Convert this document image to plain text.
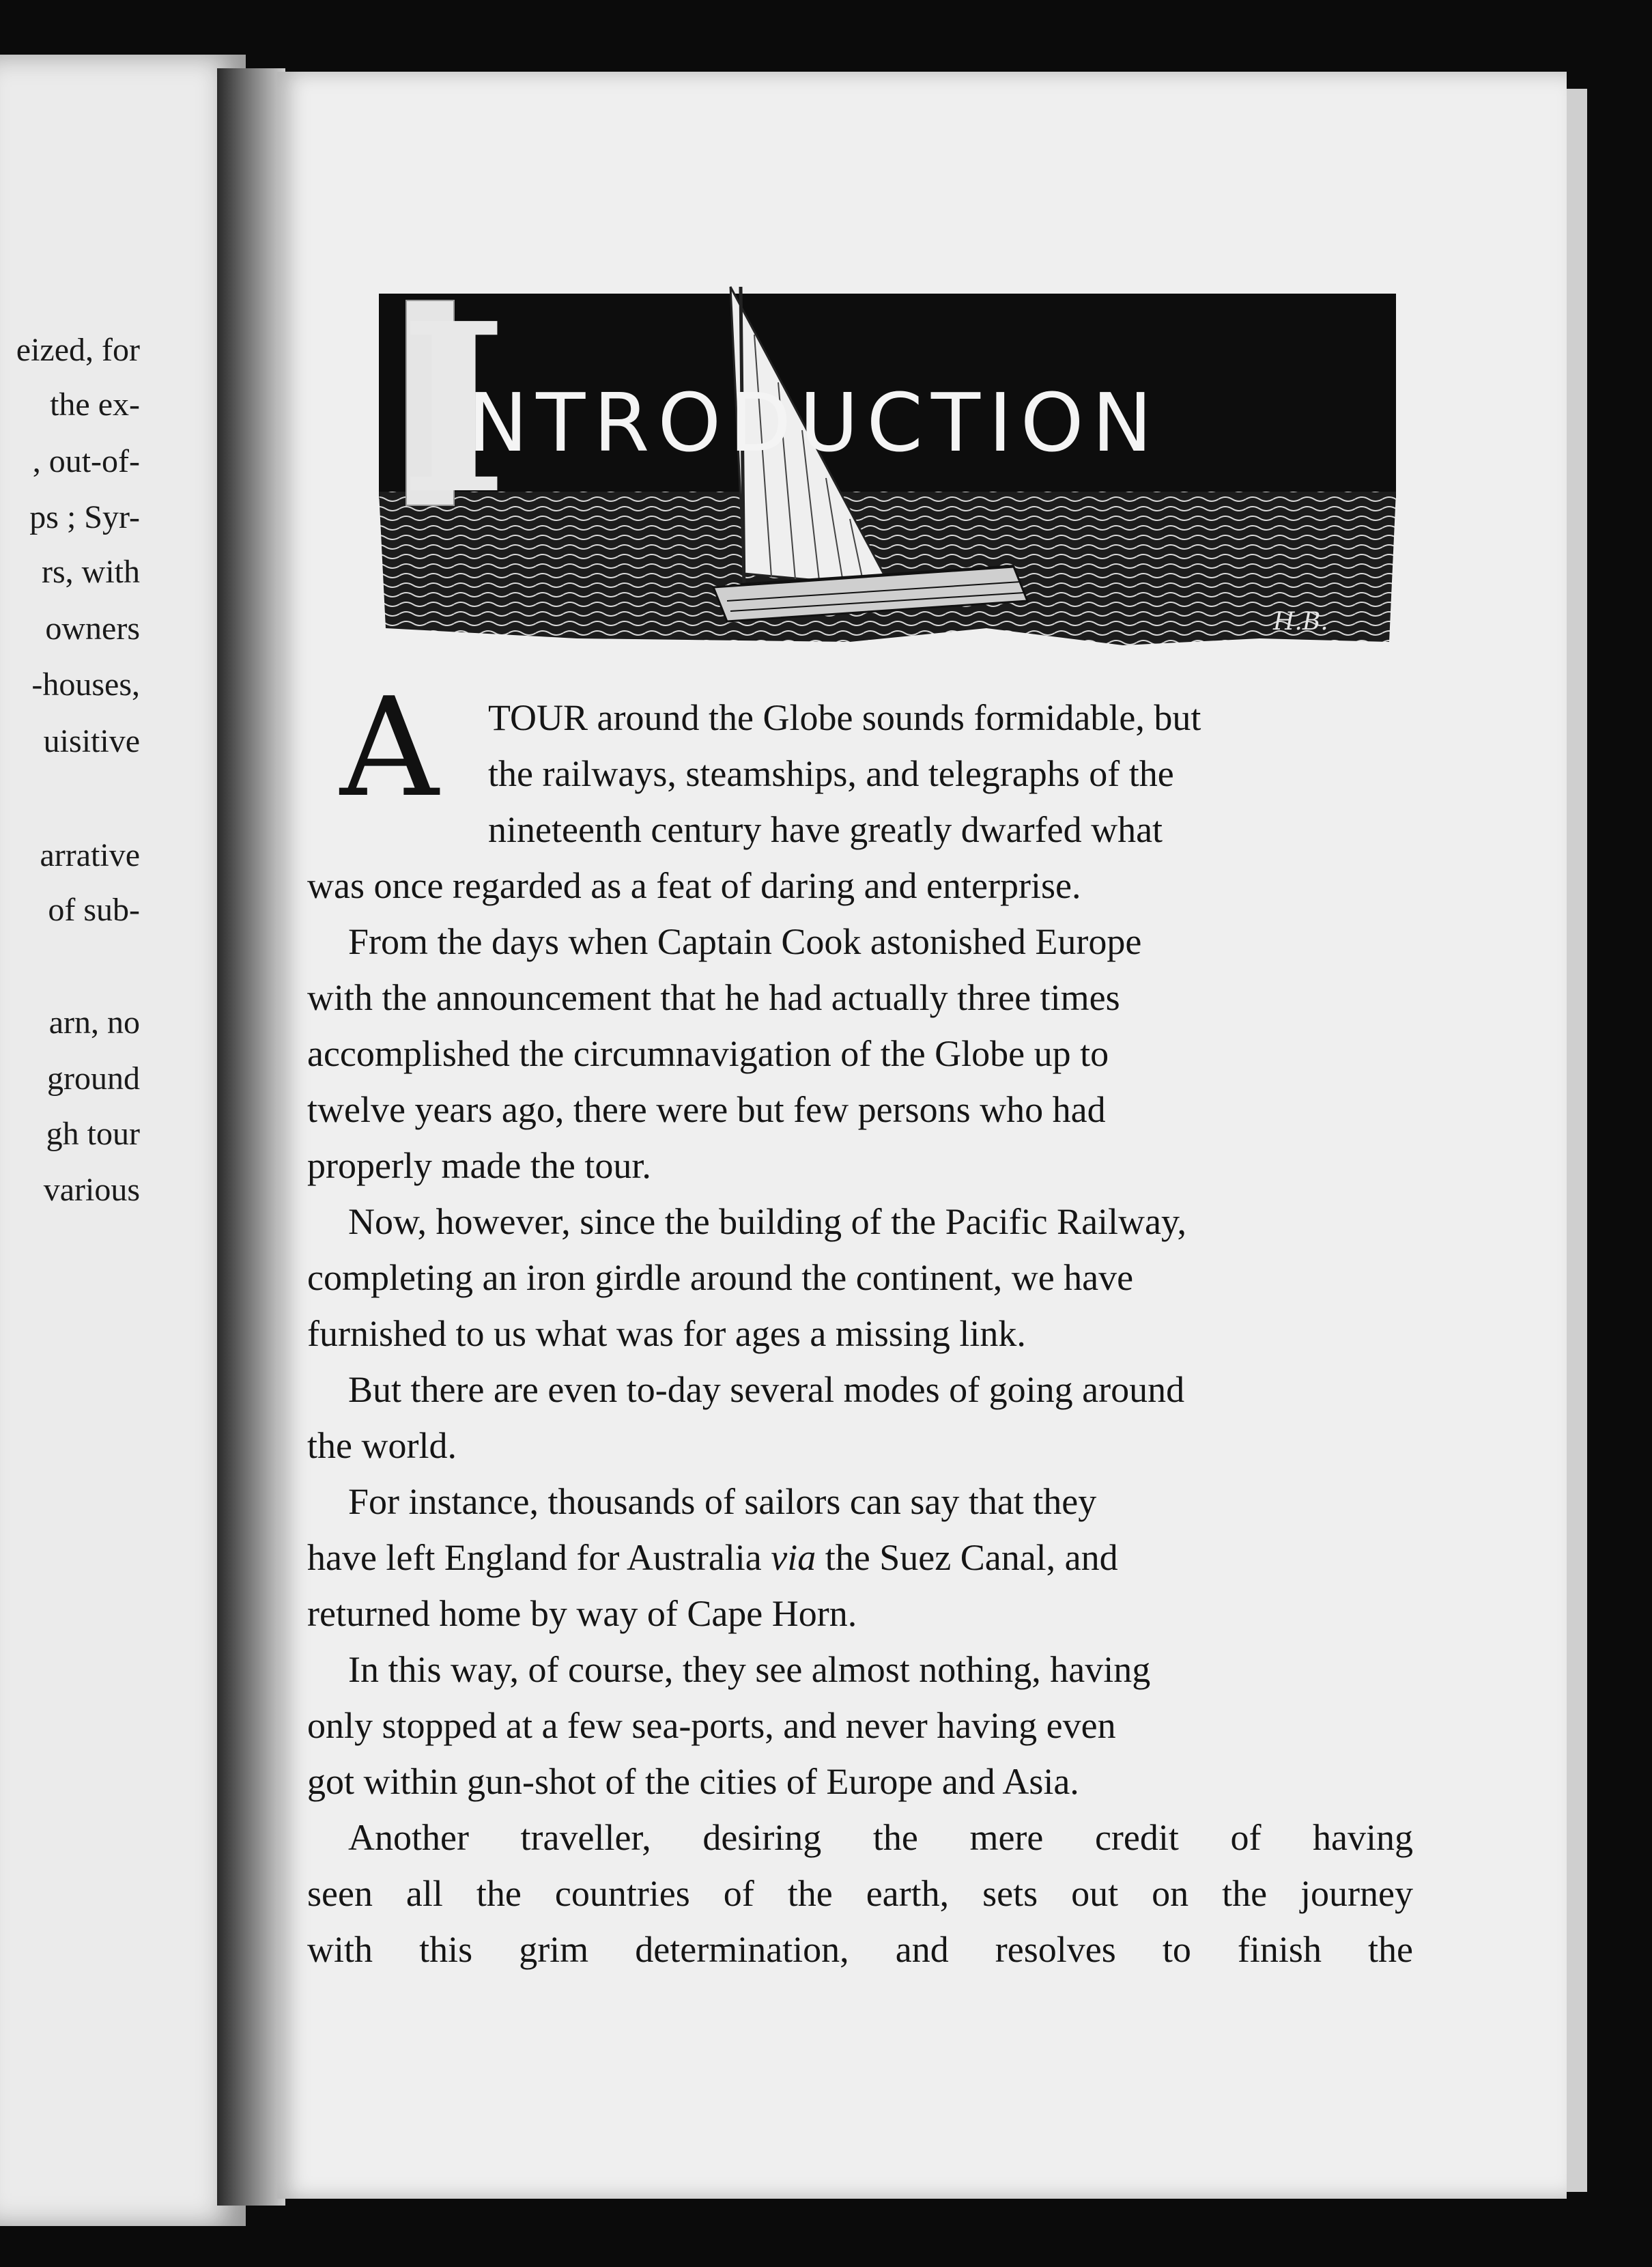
eized, for
the ex-
, out-of-
ps ; Syr-
rs, with
owners
-houses,
uisitive
arrative
of sub-
arn, no
ground
gh tour
various
I
NTRODUCTION
H.B.
A TOUR around the Globe sounds formidable, but
the railways, steamships, and telegraphs of the
nineteenth century have greatly dwarfed what
was once regarded as a feat of daring and enterprise.
From the days when Captain Cook astonished Europe
with the announcement that he had actually three times
accomplished the circumnavigation of the Globe up to
twelve years ago, there were but few persons who had
properly made the tour.
Now, however, since the building of the Pacific Railway,
completing an iron girdle around the continent, we have
furnished to us what was for ages a missing link.
But there are even to-day several modes of going around
the world.
For instance, thousands of sailors can say that they
have left England for Australia via the Suez Canal, and
returned home by way of Cape Horn.
In this way, of course, they see almost nothing, having
only stopped at a few sea-ports, and never having even
got within gun-shot of the cities of Europe and Asia.
Another traveller, desiring the mere credit of having
seen all the countries of the earth, sets out on the journey
with this grim determination, and resolves to finish the
